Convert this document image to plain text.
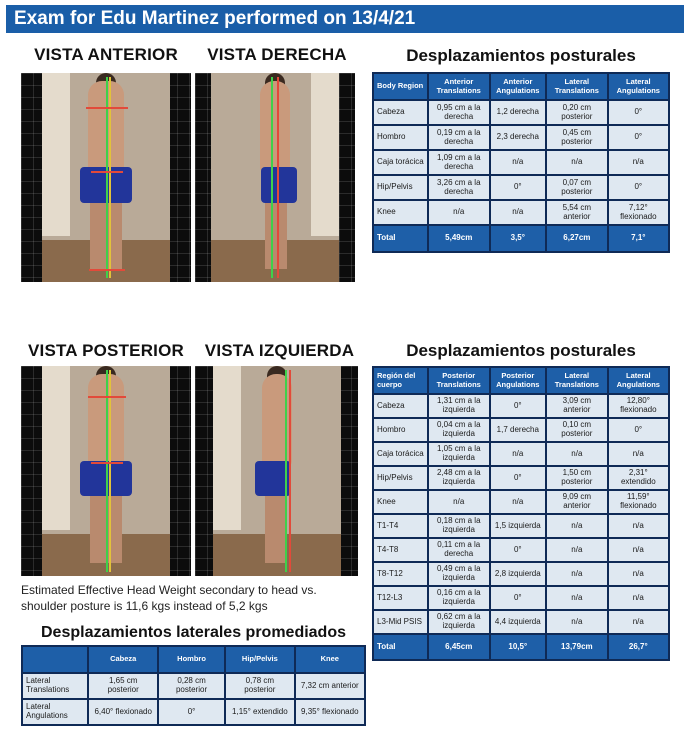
Exam for Edu Martinez performed on 13/4/21
VISTA ANTERIOR	VISTA DERECHA
VISTA POSTERIOR	VISTA IZQUIERDA
Desplazamientos posturales
Body Region	Anterior Translations	Anterior Angulations	Lateral Translations	Lateral Angulations
Cabeza	0,95 cm a la derecha	1,2 derecha	0,20 cm posterior	0°
Hombro	0,19 cm a la derecha	2,3 derecha	0,45 cm posterior	0°
Caja torácica	1,09 cm a la derecha	n/a	n/a	n/a
Hip/Pelvis	3,26 cm a la derecha	0°	0,07 cm posterior	0°
Knee	n/a	n/a	5,54 cm anterior	7,12° flexionado
Total	5,49cm	3,5°	6,27cm	7,1°
Desplazamientos posturales
Región del cuerpo	Posterior Translations	Posterior Angulations	Lateral Translations	Lateral Angulations
Cabeza	1,31 cm a la izquierda	0°	3,09 cm anterior	12,80° flexionado
Hombro	0,04 cm a la izquierda	1,7 derecha	0,10 cm posterior	0°
Caja torácica	1,05 cm a la izquierda	n/a	n/a	n/a
Hip/Pelvis	2,48 cm a la izquierda	0°	1,50 cm posterior	2,31° extendido
Knee	n/a	n/a	9,09 cm anterior	11,59° flexionado
T1-T4	0,18 cm a la izquierda	1,5 izquierda	n/a	n/a
T4-T8	0,11 cm a la derecha	0°	n/a	n/a
T8-T12	0,49 cm a la izquierda	2,8 izquierda	n/a	n/a
T12-L3	0,16 cm a la izquierda	0°	n/a	n/a
L3-Mid PSIS	0,62 cm a la izquierda	4,4 izquierda	n/a	n/a
Total	6,45cm	10,5°	13,79cm	26,7°
Estimated Effective Head Weight secondary to head vs. shoulder posture is 11,6 kgs instead of 5,2 kgs
Desplazamientos laterales promediados
	Cabeza	Hombro	Hip/Pelvis	Knee
Lateral Translations	1,65 cm posterior	0,28 cm posterior	0,78 cm posterior	7,32 cm anterior
Lateral Angulations	6,40° flexionado	0°	1,15° extendido	9,35° flexionado
